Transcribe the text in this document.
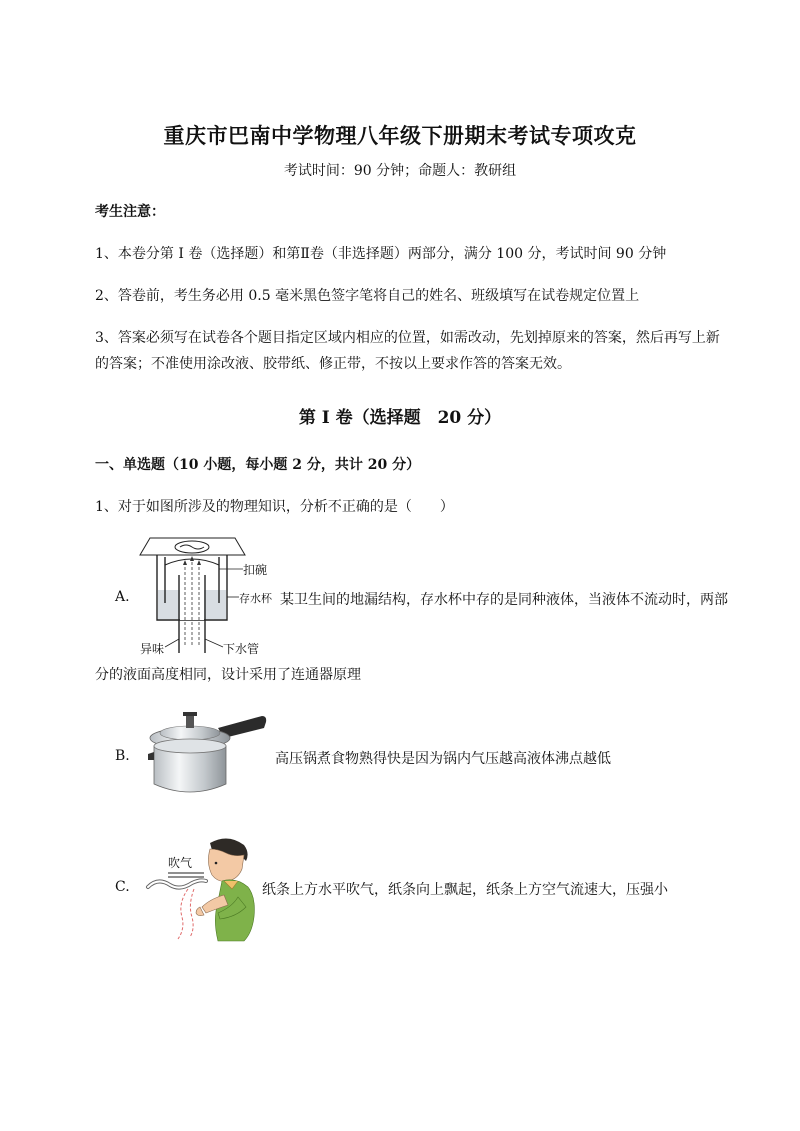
重庆市巴南中学物理八年级下册期末考试专项攻克
考试时间：90 分钟；命题人：教研组
考生注意：
1、本卷分第 I 卷（选择题）和第Ⅱ卷（非选择题）两部分，满分 100 分，考试时间 90 分钟
2、答卷前，考生务必用 0.5 毫米黑色签字笔将自己的姓名、班级填写在试卷规定位置上
3、答案必须写在试卷各个题目指定区域内相应的位置，如需改动，先划掉原来的答案，然后再写上新
的答案；不准使用涂改液、胶带纸、修正带，不按以上要求作答的答案无效。
第 I 卷（选择题　20 分）
一、单选题（10 小题，每小题 2 分，共计 20 分）
1、对于如图所涉及的物理知识，分析不正确的是（　　）
A.
扣碗
存水杯
异味	下水管
某卫生间的地漏结构，存水杯中存的是同种液体，当液体不流动时，两部
分的液面高度相同，设计采用了连通器原理
B.	高压锅煮食物熟得快是因为锅内气压越高液体沸点越低
C.
吹气
纸条上方水平吹气，纸条向上飘起，纸条上方空气流速大，压强小
